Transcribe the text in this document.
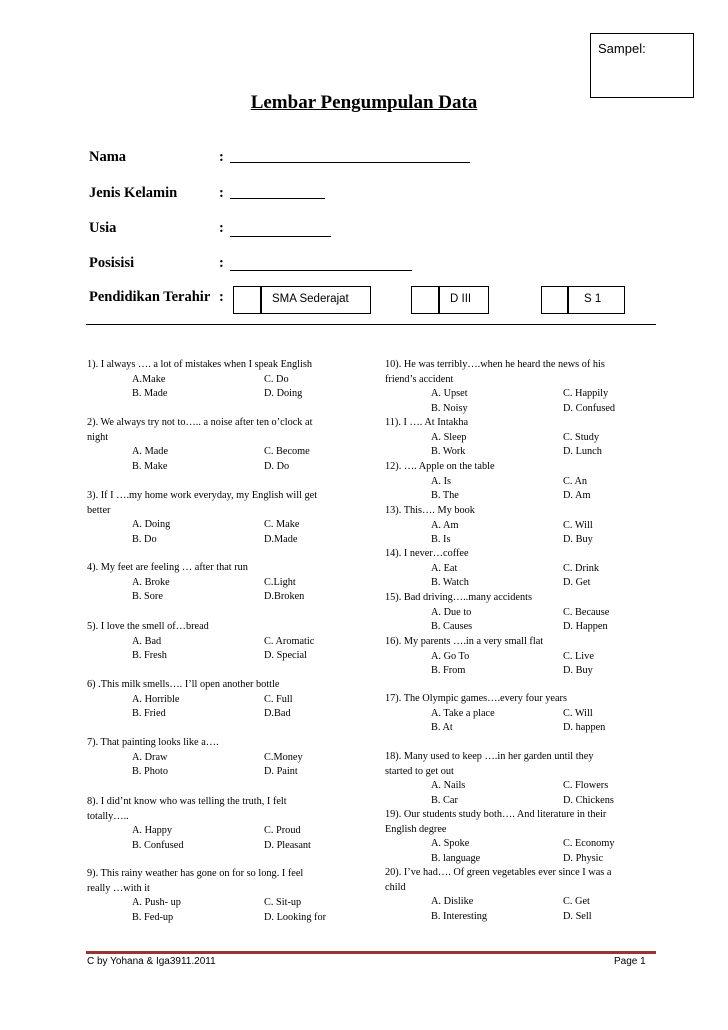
Sampel:
Lembar Pengumpulan Data
Nama	:
Jenis Kelamin	:
Usia	:
Posisisi	:
Pendidikan Terahir :	SMA Sederajat	D III	S 1
1). I always …. a lot of mistakes when I speak English
A.Make	C. Do
B. Made	D. Doing
2). We always try not to….. a noise after ten o’clock at
night
A. Made	C. Become
B. Make	D. Do
3). If I ….my home work everyday, my English will get
better
A. Doing	C. Make
B. Do	D.Made
4). My feet are feeling … after that run
A. Broke	C.Light
B. Sore	D.Broken
5). I love the smell of…bread
A. Bad	C. Aromatic
B. Fresh	D. Special
6) .This milk smells…. I’ll open another bottle
A. Horrible	C. Full
B. Fried	D.Bad
7). That painting looks like a….
A. Draw	C.Money
B. Photo	D. Paint
8). I did’nt know who was telling the truth, I felt
totally…..
A. Happy	C. Proud
B. Confused	D. Pleasant
9). This rainy weather has gone on for so long. I feel
really …with it
A. Push- up	C. Sit-up
B. Fed-up	D. Looking for
10). He was terribly….when he heard the news of his
friend’s accident
A. Upset	C. Happily
B. Noisy	D. Confused
11). I …. At Intakha
A. Sleep	C. Study
B. Work	D. Lunch
12). …. Apple on the table
A. Is	C. An
B. The	D. Am
13). This…. My book
A. Am	C. Will
B. Is	D. Buy
14). I never…coffee
A. Eat	C. Drink
B. Watch	D. Get
15). Bad driving…..many accidents
A. Due to	C. Because
B. Causes	D. Happen
16). My parents ….in a very small flat
A. Go To	C. Live
B. From	D. Buy
17). The Olympic games….every four years
A. Take a place	C. Will
B. At	D. happen
18). Many used to keep ….in her garden until they
started to get out
A. Nails	C. Flowers
B. Car	D. Chickens
19). Our students study both…. And literature in their
English degree
A. Spoke	C. Economy
B. language	D. Physic
20). I’ve had…. Of green vegetables ever since I was a
child
A. Dislike	C. Get
B. Interesting	D. Sell
C by Yohana & Iga3911.2011	Page 1
